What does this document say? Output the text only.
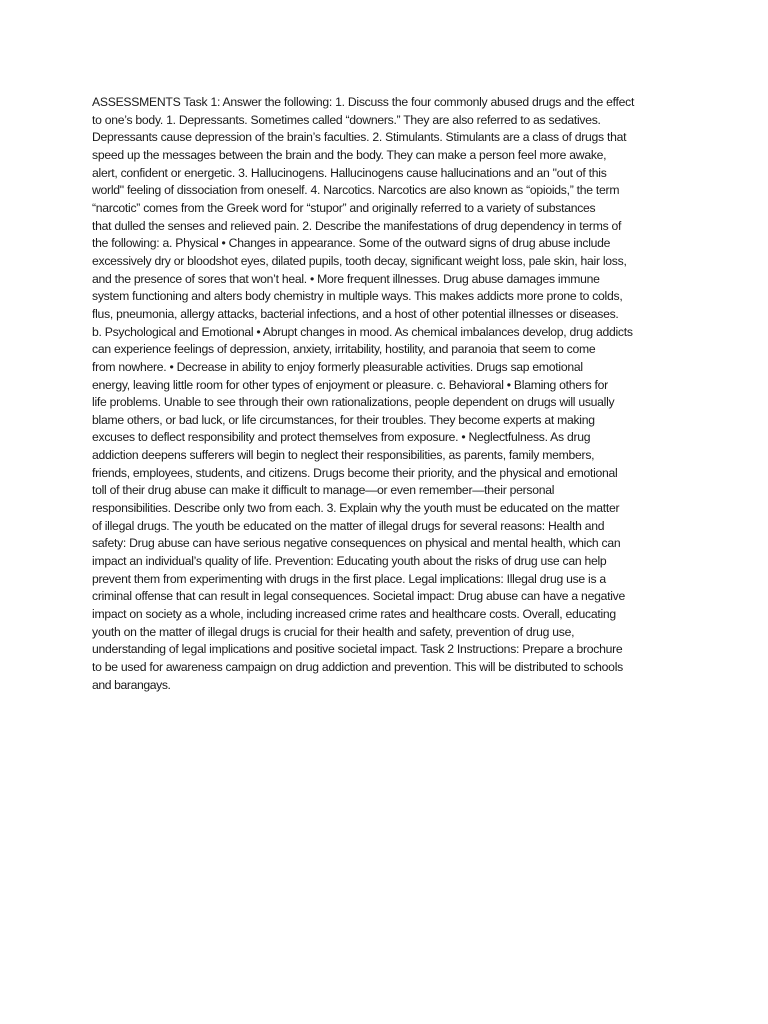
ASSESSMENTS Task 1: Answer the following: 1. Discuss the four commonly abused drugs and the effect
to one’s body. 1. Depressants. Sometimes called “downers.” They are also referred to as sedatives.
Depressants cause depression of the brain’s faculties. 2. Stimulants. Stimulants are a class of drugs that
speed up the messages between the brain and the body. They can make a person feel more awake,
alert, confident or energetic. 3. Hallucinogens. Hallucinogens cause hallucinations and an "out of this
world" feeling of dissociation from oneself. 4. Narcotics. Narcotics are also known as “opioids,” the term
“narcotic” comes from the Greek word for “stupor” and originally referred to a variety of substances
that dulled the senses and relieved pain. 2. Describe the manifestations of drug dependency in terms of
the following: a. Physical • Changes in appearance. Some of the outward signs of drug abuse include
excessively dry or bloodshot eyes, dilated pupils, tooth decay, significant weight loss, pale skin, hair loss,
and the presence of sores that won’t heal. • More frequent illnesses. Drug abuse damages immune
system functioning and alters body chemistry in multiple ways. This makes addicts more prone to colds,
flus, pneumonia, allergy attacks, bacterial infections, and a host of other potential illnesses or diseases.
b. Psychological and Emotional • Abrupt changes in mood. As chemical imbalances develop, drug addicts
can experience feelings of depression, anxiety, irritability, hostility, and paranoia that seem to come
from nowhere. • Decrease in ability to enjoy formerly pleasurable activities. Drugs sap emotional
energy, leaving little room for other types of enjoyment or pleasure. c. Behavioral • Blaming others for
life problems. Unable to see through their own rationalizations, people dependent on drugs will usually
blame others, or bad luck, or life circumstances, for their troubles. They become experts at making
excuses to deflect responsibility and protect themselves from exposure. • Neglectfulness. As drug
addiction deepens sufferers will begin to neglect their responsibilities, as parents, family members,
friends, employees, students, and citizens. Drugs become their priority, and the physical and emotional
toll of their drug abuse can make it difficult to manage—or even remember—their personal
responsibilities. Describe only two from each. 3. Explain why the youth must be educated on the matter
of illegal drugs. The youth be educated on the matter of illegal drugs for several reasons: Health and
safety: Drug abuse can have serious negative consequences on physical and mental health, which can
impact an individual’s quality of life. Prevention: Educating youth about the risks of drug use can help
prevent them from experimenting with drugs in the first place. Legal implications: Illegal drug use is a
criminal offense that can result in legal consequences. Societal impact: Drug abuse can have a negative
impact on society as a whole, including increased crime rates and healthcare costs. Overall, educating
youth on the matter of illegal drugs is crucial for their health and safety, prevention of drug use,
understanding of legal implications and positive societal impact. Task 2 Instructions: Prepare a brochure
to be used for awareness campaign on drug addiction and prevention. This will be distributed to schools
and barangays.
